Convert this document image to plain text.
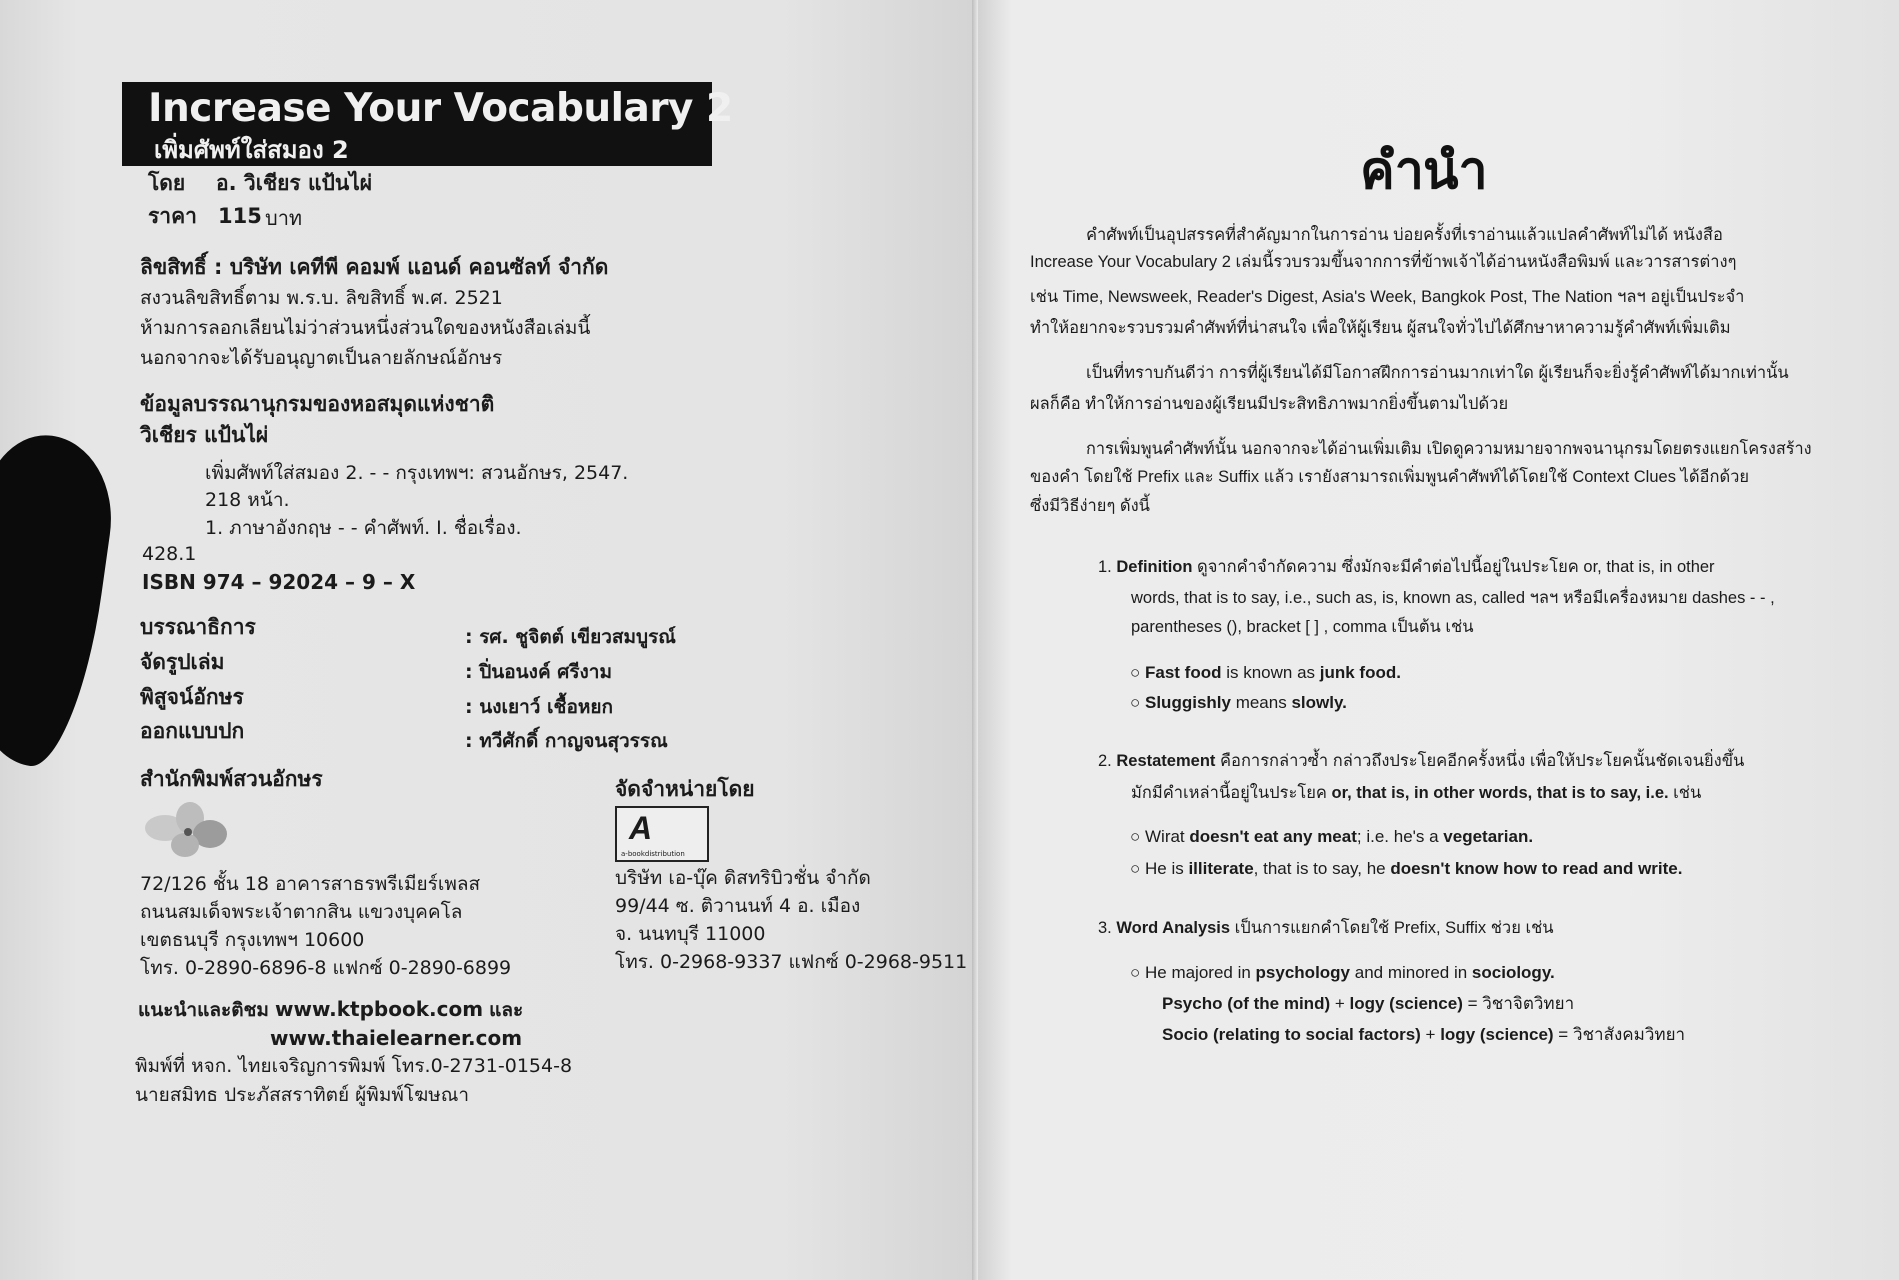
Increase Your Vocabulary 2
เพิ่มศัพท์ใส่สมอง 2
โดย อ. วิเชียร แป้นไผ่
ราคา 115 บาท
ลิขสิทธิ์ : บริษัท เคทีพี คอมพ์ แอนด์ คอนซัลท์ จำกัด
สงวนลิขสิทธิ์ตาม พ.ร.บ. ลิขสิทธิ์ พ.ศ. 2521
ห้ามการลอกเลียนไม่ว่าส่วนหนึ่งส่วนใดของหนังสือเล่มนี้
นอกจากจะได้รับอนุญาตเป็นลายลักษณ์อักษร
ข้อมูลบรรณานุกรมของหอสมุดแห่งชาติ
วิเชียร แป้นไผ่
เพิ่มศัพท์ใส่สมอง 2. - - กรุงเทพฯ: สวนอักษร, 2547.
218 หน้า.
1. ภาษาอังกฤษ - - คำศัพท์. I. ชื่อเรื่อง.
428.1
ISBN 974 – 92024 – 9 – X
บรรณาธิการ	: รศ. ชูจิตต์ เขียวสมบูรณ์
จัดรูปเล่ม	: ปิ่นอนงค์ ศรีงาม
พิสูจน์อักษร	: นงเยาว์ เชื้อหยก
ออกแบบปก	: ทวีศักดิ์ กาญจนสุวรรณ
สำนักพิมพ์สวนอักษร
72/126 ชั้น 18 อาคารสาธรพรีเมียร์เพลส
ถนนสมเด็จพระเจ้าตากสิน แขวงบุคคโล
เขตธนบุรี กรุงเทพฯ 10600
โทร. 0-2890-6896-8 แฟกซ์ 0-2890-6899
แนะนำและติชม www.ktpbook.com และ
www.thaielearner.com
พิมพ์ที่ หจก. ไทยเจริญการพิมพ์ โทร.0-2731-0154-8
นายสมิทธ ประภัสสราทิตย์ ผู้พิมพ์โฆษณา
จัดจำหน่ายโดย
A
a-bookdistribution
บริษัท เอ-บุ๊ค ดิสทริบิวชั่น จำกัด
99/44 ซ. ติวานนท์ 4 อ. เมือง
จ. นนทบุรี 11000
โทร. 0-2968-9337 แฟกซ์ 0-2968-9511
คำนำ
คำศัพท์เป็นอุปสรรคที่สำคัญมากในการอ่าน บ่อยครั้งที่เราอ่านแล้วแปลคำศัพท์ไม่ได้ หนังสือ
Increase Your Vocabulary 2 เล่มนี้รวบรวมขึ้นจากการที่ข้าพเจ้าได้อ่านหนังสือพิมพ์ และวารสารต่างๆ
เช่น Time, Newsweek, Reader's Digest, Asia's Week, Bangkok Post, The Nation ฯลฯ อยู่เป็นประจำ
ทำให้อยากจะรวบรวมคำศัพท์ที่น่าสนใจ เพื่อให้ผู้เรียน ผู้สนใจทั่วไปได้ศึกษาหาความรู้คำศัพท์เพิ่มเติม
เป็นที่ทราบกันดีว่า การที่ผู้เรียนได้มีโอกาสฝึกการอ่านมากเท่าใด ผู้เรียนก็จะยิ่งรู้คำศัพท์ได้มากเท่านั้น
ผลก็คือ ทำให้การอ่านของผู้เรียนมีประสิทธิภาพมากยิ่งขึ้นตามไปด้วย
การเพิ่มพูนคำศัพท์นั้น นอกจากจะได้อ่านเพิ่มเติม เปิดดูความหมายจากพจนานุกรมโดยตรงแยกโครงสร้าง
ของคำ โดยใช้ Prefix และ Suffix แล้ว เรายังสามารถเพิ่มพูนคำศัพท์ได้โดยใช้ Context Clues ได้อีกด้วย
ซึ่งมีวิธีง่ายๆ ดังนี้
1. Definition ดูจากคำจำกัดความ ซึ่งมักจะมีคำต่อไปนี้อยู่ในประโยค or, that is, in other
words, that is to say, i.e., such as, is, known as, called ฯลฯ หรือมีเครื่องหมาย dashes - - ,
parentheses (), bracket [ ] , comma เป็นต้น เช่น
○ Fast food is known as junk food.
○ Sluggishly means slowly.
2. Restatement คือการกล่าวซ้ำ กล่าวถึงประโยคอีกครั้งหนึ่ง เพื่อให้ประโยคนั้นชัดเจนยิ่งขึ้น
มักมีคำเหล่านี้อยู่ในประโยค or, that is, in other words, that is to say, i.e. เช่น
○ Wirat doesn't eat any meat; i.e. he's a vegetarian.
○ He is illiterate, that is to say, he doesn't know how to read and write.
3. Word Analysis เป็นการแยกคำโดยใช้ Prefix, Suffix ช่วย เช่น
○ He majored in psychology and minored in sociology.
Psycho (of the mind) + logy (science) = วิชาจิตวิทยา
Socio (relating to social factors) + logy (science) = วิชาสังคมวิทยา
